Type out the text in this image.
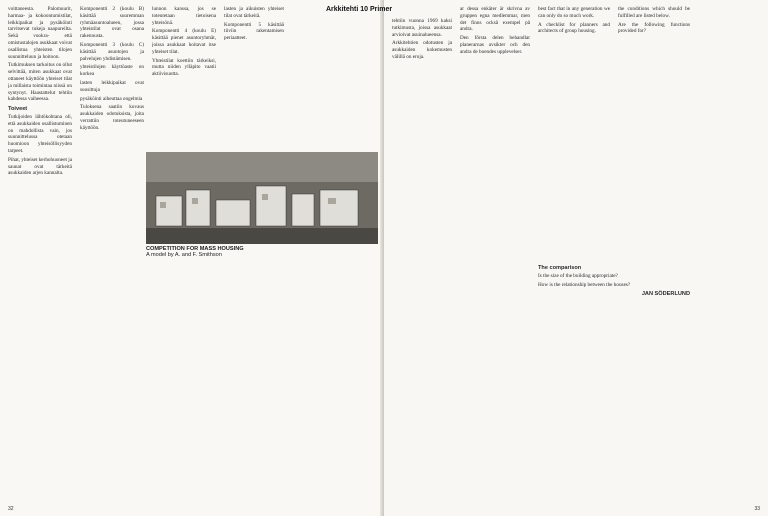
voittaneesta. Palomuurit, harmaa- ja kokoontumistilat, leikkipaikat ja pysäköinti tarvitsevat tukeja naapureilta. Sekä vuokra- että omistustalojen asukkaat voivat osallistua yhteisten tilojen suunnitteluun ja hoitoon.

Tutkimuksen tarkoitus on ollut selvittää, miten asukkaat ovat ottaneet käyttöön yhteiset tilat ja millaista toimintaa niissä on syntynyt. Haastattelut tehtiin kahdessa vaiheessa.

Toiveet

Tutkijoiden lähtökohtana oli, että asukkaiden osallistuminen on mahdollista vain, jos suunnittelussa otetaan huomioon yhteisöllisyyden tarpeet.

Pihat, yhteiset kerhohuoneet ja saunat ovat tärkeitä asukkaiden arjen kannalta.

Komponentti 2 (koulu B) käsittää suuremman ryhmäasuntoalueen, jossa yhteistilat ovat osana rakennusta.

Komponentti 3 (koulu C) käsittää asuntojen ja palvelujen yhdistämisen.

yhteistilojen käyttöaste on korkea

lasten leikkipaikat ovat suosittuja

pysäköinti aiheuttaa ongelmia

Tuloksena saatiin kuvaus asukkaiden odotuksista, joita verrattiin toteutuneeseen käyttöön.

lunnon kanssa, jos se toteutetaan tietoisena yhteisönä.

Komponentti 4 (koulu E) käsittää pienet asuntoryhmät, joissa asukkaat hoitavat itse yhteiset tilat.

Yhteistilat koettiin tärkeiksi, mutta niiden ylläpito vaatii aktiivisuutta.

lasten ja aikuisten yhteiset tilat ovat tärkeitä.

Komponentti 5 käsittää tiiviin rakentamisen periaatteet.

32

tehtiin vuonna 1969 kaksi tutkimusta, joissa asukkaat arvioivat asuinalueensa.

Arkkitehtien odotusten ja asukkaiden kokemusten välillä on eroja.

ar dessa enkäter är skrivna av gruppen egna medlemmar, men det finns också exempel på andra.

Den första delen behandlar planerarnas avsikter och den andra de boendes upplevelser.

best fact that in any generation we can only do so much work.

A checklist for planners and architects of group housing.

the conditions which should be fulfilled are listed below.

Are the following functions provided for?

The comparison

Is the size of the building appropriate?

How is the relationship between the houses?

JAN SÖDERLUND
33
Arkkitehti 10 Primer
COMPETITION FOR MASS HOUSING
A model by A. and F. Smithson
